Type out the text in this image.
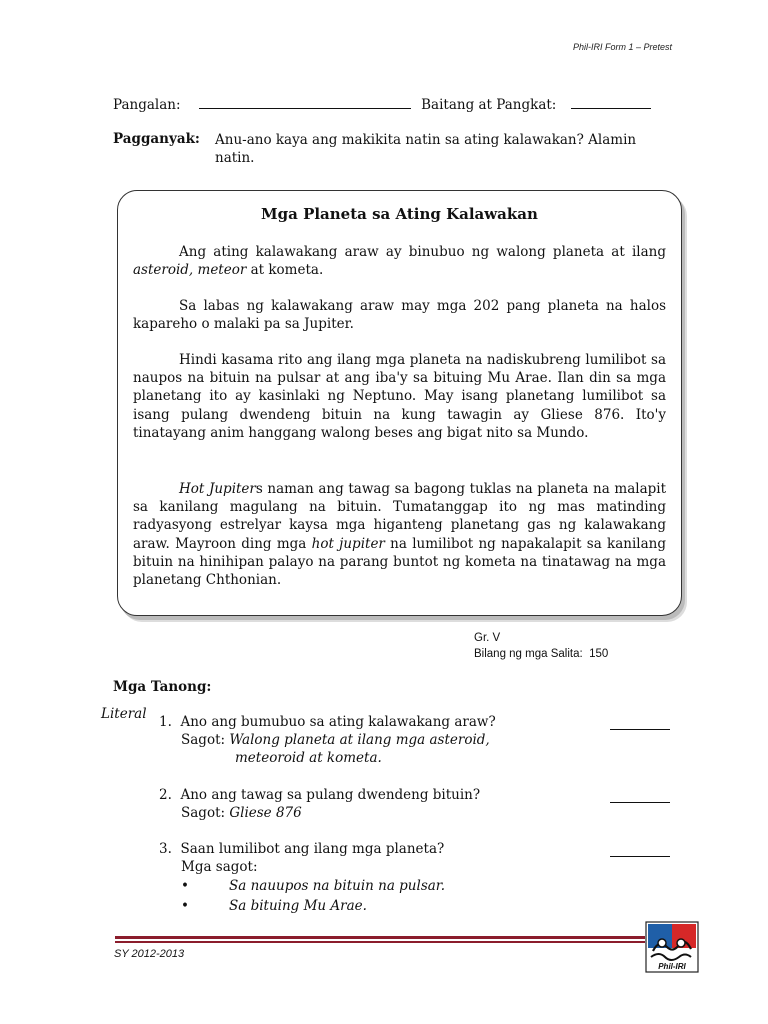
Phil-IRI Form 1 – Pretest
Pangalan:	Baitang at Pangkat:
Pagganyak: Anu-ano kaya ang makikita natin sa ating kalawakan? Alamin
natin.
Mga Planeta sa Ating Kalawakan

Ang ating kalawakang araw ay binubuo ng walong planeta at ilang asteroid, meteor at kometa.

Sa labas ng kalawakang araw may mga 202 pang planeta na halos kapareho o malaki pa sa Jupiter.

Hindi kasama rito ang ilang mga planeta na nadiskubreng lumilibot sa naupos na bituin na pulsar at ang iba'y sa bituing Mu Arae. Ilan din sa mga planetang ito ay kasinlaki ng Neptuno. May isang planetang lumilibot sa isang pulang dwendeng bituin na kung tawagin ay Gliese 876. Ito'y tinatayang anim hanggang walong beses ang bigat nito sa Mundo.

Hot Jupiters naman ang tawag sa bagong tuklas na planeta na malapit sa kanilang magulang na bituin. Tumatanggap ito ng mas matinding radyasyong estrelyar kaysa mga higanteng planetang gas ng kalawakang araw. Mayroon ding mga hot jupiter na lumilibot ng napakalapit sa kanilang bituin na hinihipan palayo na parang buntot ng kometa na tinatawag na mga planetang Chthonian.

Gr. V
Bilang ng mga Salita: 150
Mga Tanong:
Literal 1. Ano ang bumubuo sa ating kalawakang araw?
Sagot: Walong planeta at ilang mga asteroid,
meteoroid at kometa.
2. Ano ang tawag sa pulang dwendeng bituin?
Sagot: Gliese 876
3. Saan lumilibot ang ilang mga planeta?
Mga sagot:
•	Sa nauupos na bituin na pulsar.
•	Sa bituing Mu Arae.
SY 2012-2013
Phil-IRI
